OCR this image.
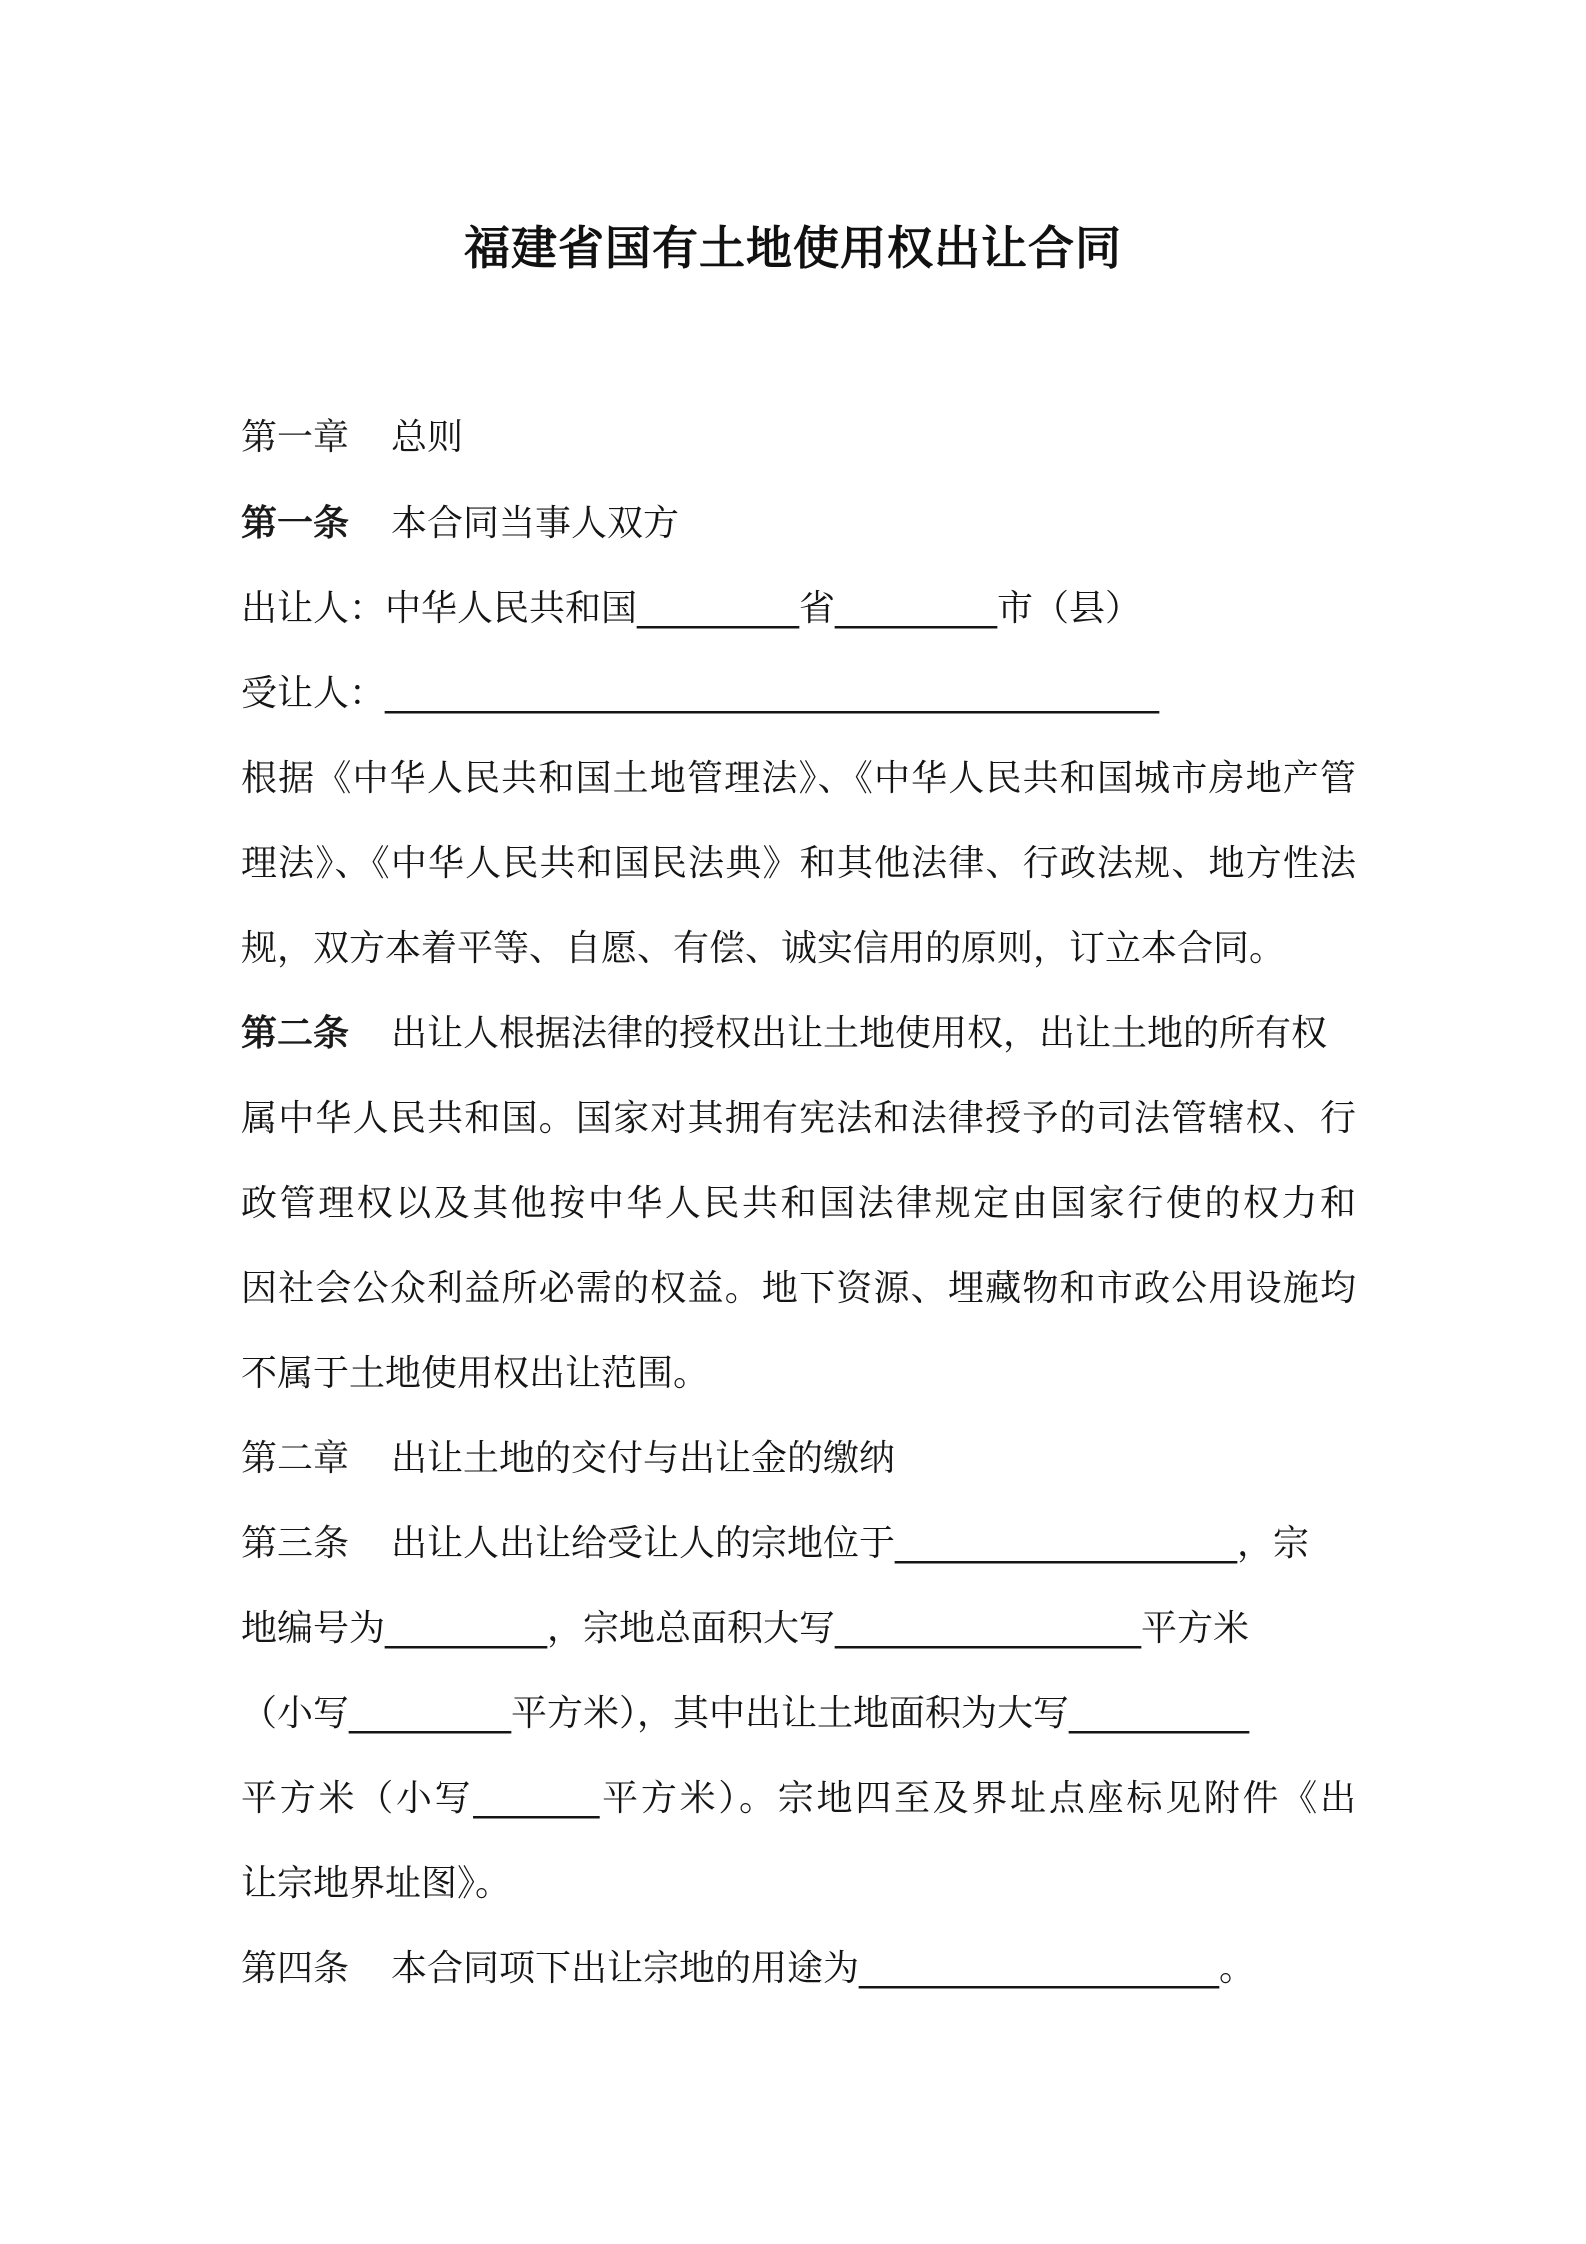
福建省国有土地使用权出让合同
第一章 总则
第一条 本合同当事人双方
出让人：中华人民共和国_________省_________市（县）
受让人：___________________________________________
根据《中华人民共和国土地管理法》、《中华人民共和国城市房地产管
理法》、《中华人民共和国民法典》和其他法律、行政法规、地方性法
规，双方本着平等、自愿、有偿、诚实信用的原则，订立本合同。
第二条 出让人根据法律的授权出让土地使用权，出让土地的所有权
属中华人民共和国。国家对其拥有宪法和法律授予的司法管辖权、行
政管理权以及其他按中华人民共和国法律规定由国家行使的权力和
因社会公众利益所必需的权益。地下资源、埋藏物和市政公用设施均
不属于土地使用权出让范围。
第二章 出让土地的交付与出让金的缴纳
第三条 出让人出让给受让人的宗地位于___________________，宗
地编号为_________，宗地总面积大写_________________平方米
（小写_________平方米），其中出让土地面积为大写__________
平方米（小写_______平方米）。宗地四至及界址点座标见附件《出
让宗地界址图》。
第四条 本合同项下出让宗地的用途为____________________。
